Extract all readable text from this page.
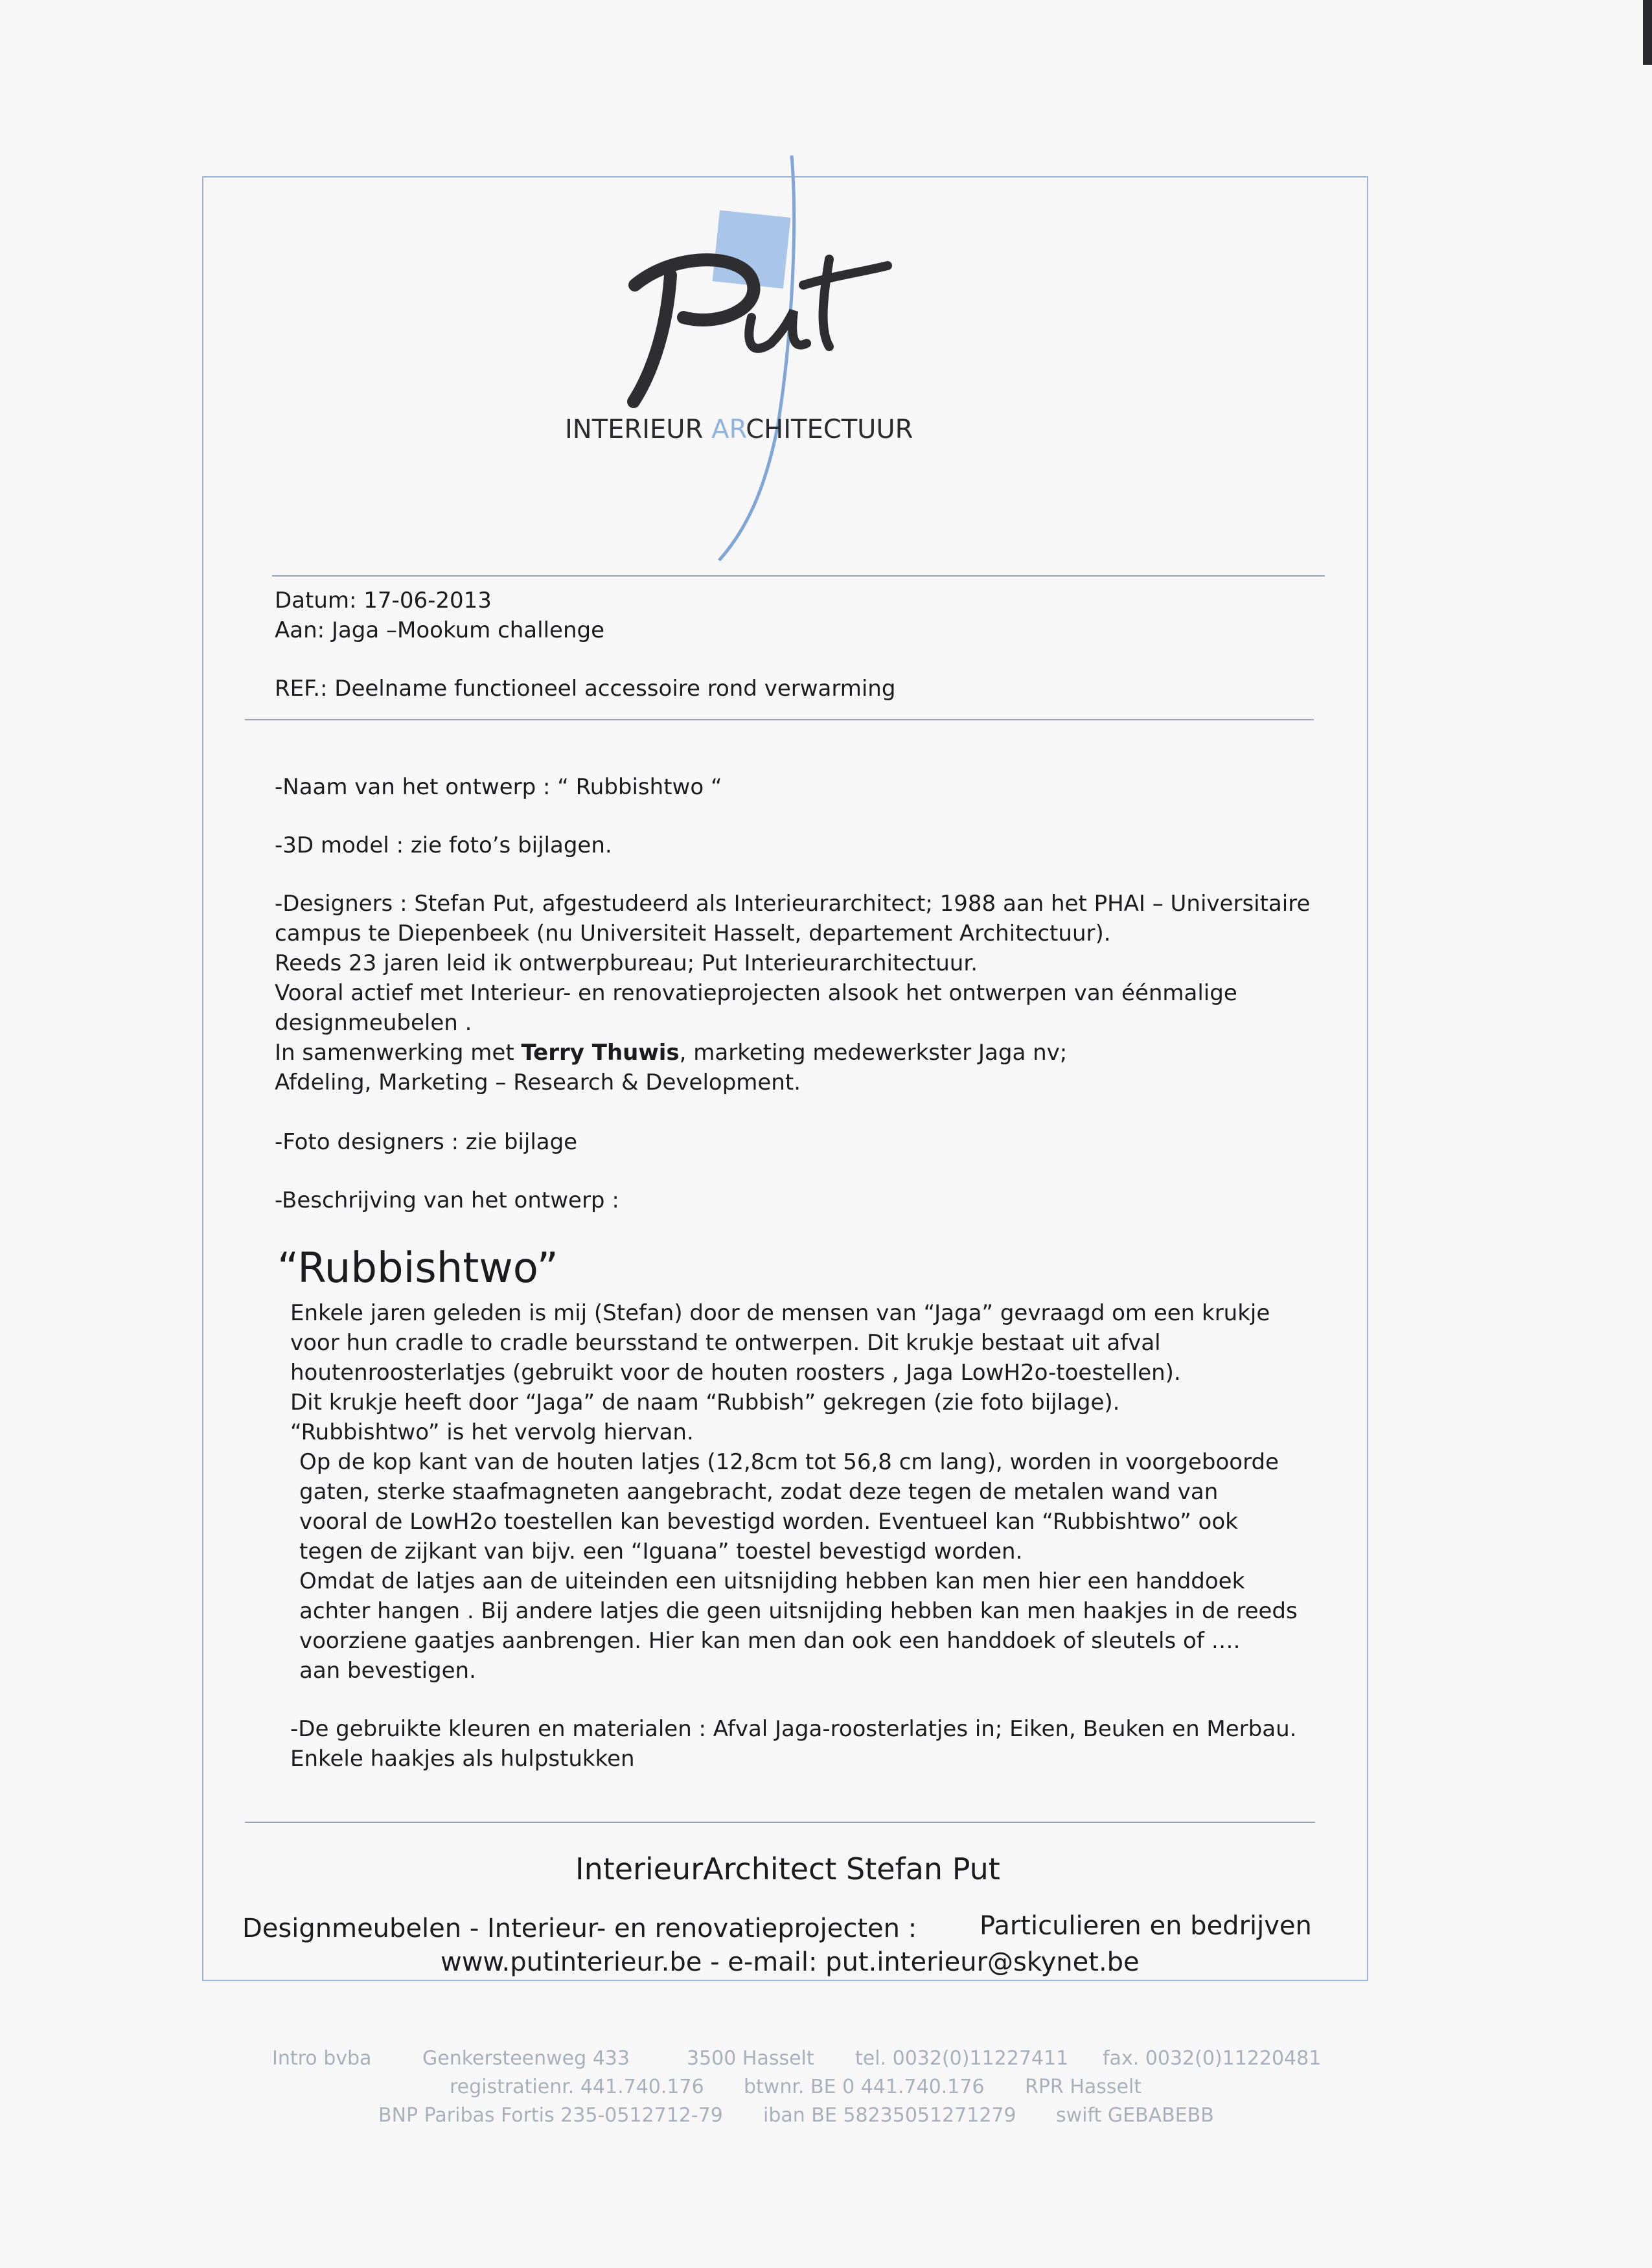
INTERIEUR ARCHITECTUUR
Datum: 17-06-2013
Aan: Jaga –Mookum challenge
REF.: Deelname functioneel accessoire rond verwarming
-Naam van het ontwerp : “ Rubbishtwo “
-3D model : zie foto’s bijlagen.
-Designers : Stefan Put, afgestudeerd als Interieurarchitect; 1988 aan het PHAI – Universitaire
campus te Diepenbeek (nu Universiteit Hasselt, departement Architectuur).
Reeds 23 jaren leid ik ontwerpbureau; Put Interieurarchitectuur.
Vooral actief met Interieur- en renovatieprojecten alsook het ontwerpen van éénmalige
designmeubelen .
In samenwerking met Terry Thuwis, marketing medewerkster Jaga nv;
Afdeling, Marketing – Research & Development.
-Foto designers : zie bijlage
-Beschrijving van het ontwerp :
“Rubbishtwo”
Enkele jaren geleden is mij (Stefan) door de mensen van “Jaga” gevraagd om een krukje
voor hun cradle to cradle beursstand te ontwerpen. Dit krukje bestaat uit afval
houtenroosterlatjes (gebruikt voor de houten roosters , Jaga LowH2o-toestellen).
Dit krukje heeft door “Jaga” de naam “Rubbish” gekregen (zie foto bijlage).
“Rubbishtwo” is het vervolg hiervan.
Op de kop kant van de houten latjes (12,8cm tot 56,8 cm lang), worden in voorgeboorde
gaten, sterke staafmagneten aangebracht, zodat deze tegen de metalen wand van
vooral de LowH2o toestellen kan bevestigd worden. Eventueel kan “Rubbishtwo” ook
tegen de zijkant van bijv. een “Iguana” toestel bevestigd worden.
Omdat de latjes aan de uiteinden een uitsnijding hebben kan men hier een handdoek
achter hangen . Bij andere latjes die geen uitsnijding hebben kan men haakjes in de reeds
voorziene gaatjes aanbrengen. Hier kan men dan ook een handdoek of sleutels of ….
aan bevestigen.
-De gebruikte kleuren en materialen : Afval Jaga-roosterlatjes in; Eiken, Beuken en Merbau.
Enkele haakjes als hulpstukken
InterieurArchitect Stefan Put
Designmeubelen - Interieur- en renovatieprojecten : Particulieren en bedrijven
www.putinterieur.be - e-mail: put.interieur@skynet.be
Intro bvba	Genkersteenweg 433	3500 Hasselt tel. 0032(0)11227411 fax. 0032(0)11220481
registratienr. 441.740.176 btwnr. BE 0 441.740.176 RPR Hasselt
BNP Paribas Fortis 235-0512712-79 iban BE 58235051271279 swift GEBABEBB
